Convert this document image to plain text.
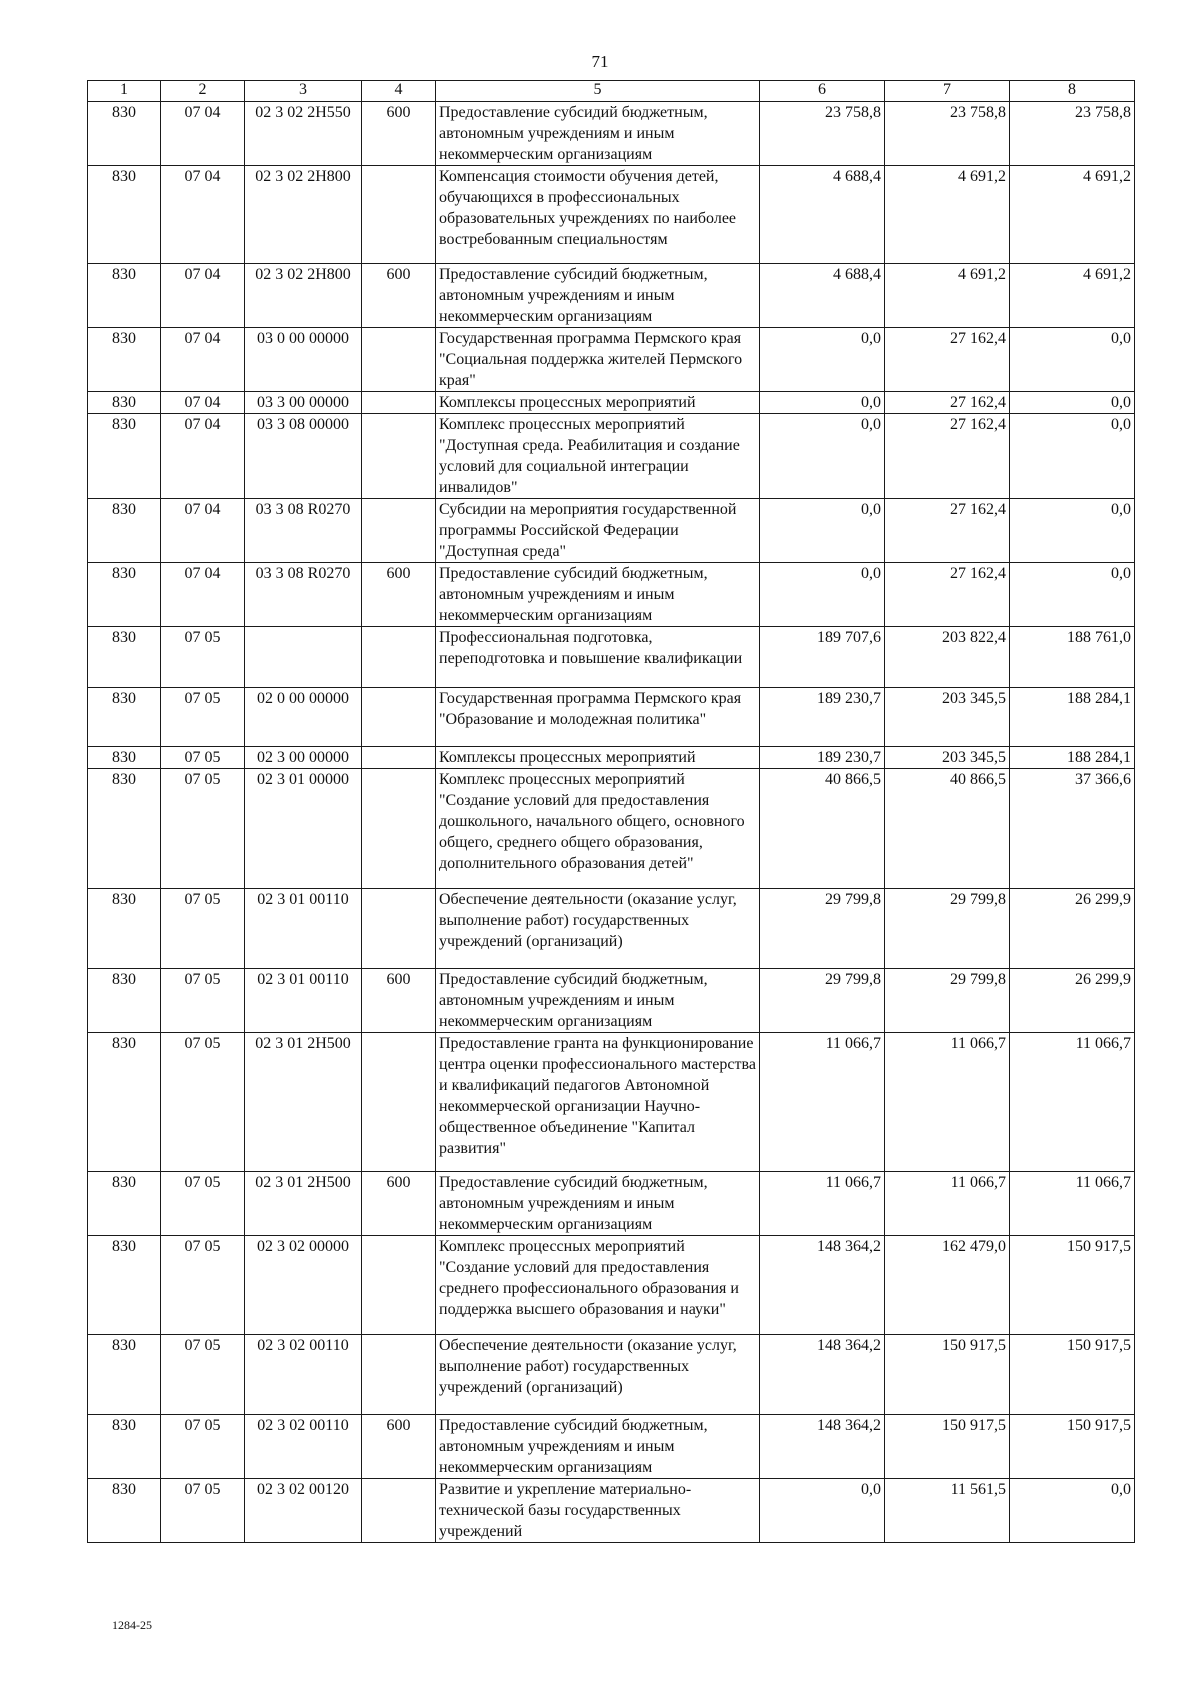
71
1	2	3	4	5	6	7	8
830	07 04	02 3 02 2Н550	600	Предоставление субсидий бюджетным, автономным учреждениям и иным некоммерческим организациям	23 758,8	23 758,8	23 758,8
830	07 04	02 3 02 2Н800		Компенсация стоимости обучения детей, обучающихся в профессиональных образовательных учреждениях по наиболее востребованным специальностям	4 688,4	4 691,2	4 691,2
830	07 04	02 3 02 2Н800	600	Предоставление субсидий бюджетным, автономным учреждениям и иным некоммерческим организациям	4 688,4	4 691,2	4 691,2
830	07 04	03 0 00 00000		Государственная программа Пермского края "Социальная поддержка жителей Пермского края"	0,0	27 162,4	0,0
830	07 04	03 3 00 00000		Комплексы процессных мероприятий	0,0	27 162,4	0,0
830	07 04	03 3 08 00000		Комплекс процессных мероприятий "Доступная среда. Реабилитация и создание условий для социальной интеграции инвалидов"	0,0	27 162,4	0,0
830	07 04	03 3 08 R0270		Субсидии на мероприятия государственной программы Российской Федерации "Доступная среда"	0,0	27 162,4	0,0
830	07 04	03 3 08 R0270	600	Предоставление субсидий бюджетным, автономным учреждениям и иным некоммерческим организациям	0,0	27 162,4	0,0
830	07 05			Профессиональная подготовка, переподготовка и повышение квалификации	189 707,6	203 822,4	188 761,0
830	07 05	02 0 00 00000		Государственная программа Пермского края "Образование и молодежная политика"	189 230,7	203 345,5	188 284,1
830	07 05	02 3 00 00000		Комплексы процессных мероприятий	189 230,7	203 345,5	188 284,1
830	07 05	02 3 01 00000		Комплекс процессных мероприятий "Создание условий для предоставления дошкольного, начального общего, основного общего, среднего общего образования, дополнительного образования детей"	40 866,5	40 866,5	37 366,6
830	07 05	02 3 01 00110		Обеспечение деятельности (оказание услуг, выполнение работ) государственных учреждений (организаций)	29 799,8	29 799,8	26 299,9
830	07 05	02 3 01 00110	600	Предоставление субсидий бюджетным, автономным учреждениям и иным некоммерческим организациям	29 799,8	29 799,8	26 299,9
830	07 05	02 3 01 2Н500		Предоставление гранта на функционирование центра оценки профессионального мастерства и квалификаций педагогов Автономной некоммерческой организации Научно-общественное объединение "Капитал развития"	11 066,7	11 066,7	11 066,7
830	07 05	02 3 01 2Н500	600	Предоставление субсидий бюджетным, автономным учреждениям и иным некоммерческим организациям	11 066,7	11 066,7	11 066,7
830	07 05	02 3 02 00000		Комплекс процессных мероприятий "Создание условий для предоставления среднего профессионального образования и поддержка высшего образования и науки"	148 364,2	162 479,0	150 917,5
830	07 05	02 3 02 00110		Обеспечение деятельности (оказание услуг, выполнение работ) государственных учреждений (организаций)	148 364,2	150 917,5	150 917,5
830	07 05	02 3 02 00110	600	Предоставление субсидий бюджетным, автономным учреждениям и иным некоммерческим организациям	148 364,2	150 917,5	150 917,5
830	07 05	02 3 02 00120		Развитие и укрепление материально-технической базы государственных учреждений	0,0	11 561,5	0,0
1284-25
